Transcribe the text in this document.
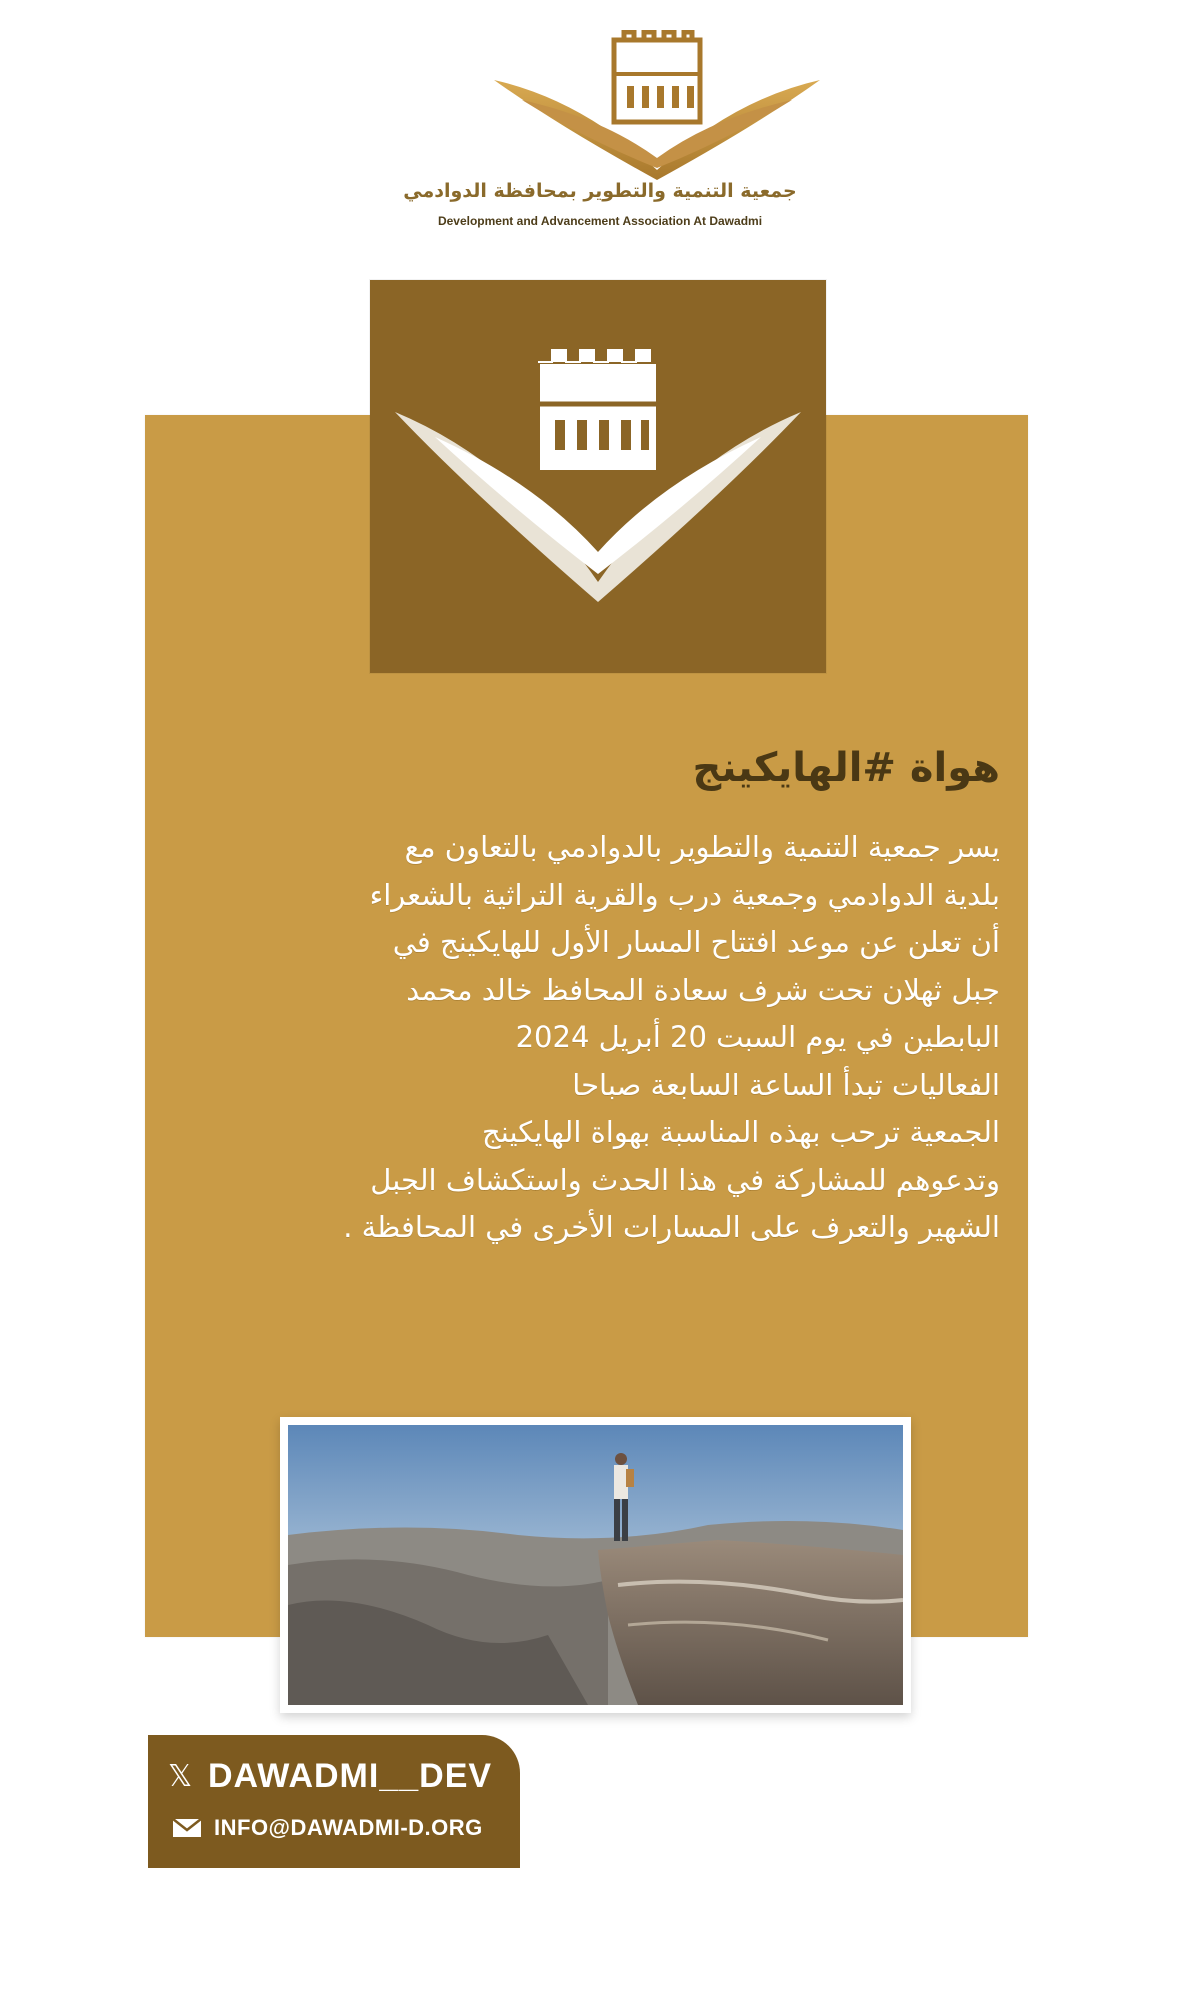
جمعية التنمية والتطوير بمحافظة الدوادمي
Development and Advancement Association At Dawadmi
هواة #الهايكينج

يسر جمعية التنمية والتطوير بالدوادمي بالتعاون مع

بلدية الدوادمي وجمعية درب والقرية التراثية بالشعراء

أن تعلن عن موعد افتتاح المسار الأول للهايكينج في

جبل ثهلان تحت شرف سعادة المحافظ خالد محمد

البابطين في يوم السبت 20 أبريل 2024

الفعاليات تبدأ الساعة السابعة صباحا

الجمعية ترحب بهذه المناسبة بهواة الهايكينج

وتدعوهم للمشاركة في هذا الحدث واستكشاف الجبل

الشهير والتعرف على المسارات الأخرى في المحافظة .

𝕏 DAWADMI__DEV
INFO@DAWADMI-D.ORG
